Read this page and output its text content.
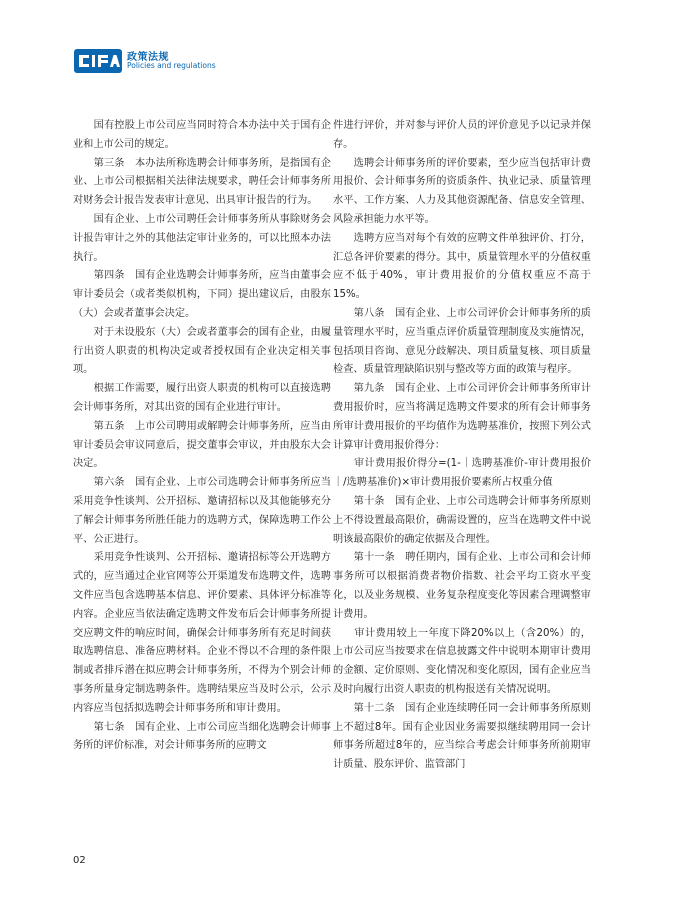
政策法规
Policies and regulations

　　国有控股上市公司应当同时符合本办法中关于国有企业和上市公司的规定。

　　第三条　本办法所称选聘会计师事务所，是指国有企业、上市公司根据相关法律法规要求，聘任会计师事务所对财务会计报告发表审计意见、出具审计报告的行为。

　　国有企业、上市公司聘任会计师事务所从事除财务会计报告审计之外的其他法定审计业务的，可以比照本办法执行。

　　第四条　国有企业选聘会计师事务所，应当由董事会审计委员会（或者类似机构，下同）提出建议后，由股东（大）会或者董事会决定。

　　对于未设股东（大）会或者董事会的国有企业，由履行出资人职责的机构决定或者授权国有企业决定相关事项。

　　根据工作需要，履行出资人职责的机构可以直接选聘会计师事务所，对其出资的国有企业进行审计。

　　第五条　上市公司聘用或解聘会计师事务所，应当由审计委员会审议同意后，提交董事会审议，并由股东大会决定。

　　第六条　国有企业、上市公司选聘会计师事务所应当采用竞争性谈判、公开招标、邀请招标以及其他能够充分了解会计师事务所胜任能力的选聘方式，保障选聘工作公平、公正进行。

　　采用竞争性谈判、公开招标、邀请招标等公开选聘方式的，应当通过企业官网等公开渠道发布选聘文件，选聘文件应当包含选聘基本信息、评价要素、具体评分标准等内容。企业应当依法确定选聘文件发布后会计师事务所提交应聘文件的响应时间，确保会计师事务所有充足时间获取选聘信息、准备应聘材料。企业不得以不合理的条件限制或者排斥潜在拟应聘会计师事务所，不得为个别会计师事务所量身定制选聘条件。选聘结果应当及时公示，公示内容应当包括拟选聘会计师事务所和审计费用。

　　第七条　国有企业、上市公司应当细化选聘会计师事务所的评价标准，对会计师事务所的应聘文

件进行评价，并对参与评价人员的评价意见予以记录并保存。

　　选聘会计师事务所的评价要素，至少应当包括审计费用报价、会计师事务所的资质条件、执业记录、质量管理水平、工作方案、人力及其他资源配备、信息安全管理、风险承担能力水平等。

　　选聘方应当对每个有效的应聘文件单独评价、打分，汇总各评价要素的得分。其中，质量管理水平的分值权重应不低于40%，审计费用报价的分值权重应不高于15%。

　　第八条　国有企业、上市公司评价会计师事务所的质量管理水平时，应当重点评价质量管理制度及实施情况，包括项目咨询、意见分歧解决、项目质量复核、项目质量检查、质量管理缺陷识别与整改等方面的政策与程序。

　　第九条　国有企业、上市公司评价会计师事务所审计费用报价时，应当将满足选聘文件要求的所有会计师事务所审计费用报价的平均值作为选聘基准价，按照下列公式计算审计费用报价得分：

　　审计费用报价得分=(1-｜选聘基准价-审计费用报价｜/选聘基准价)×审计费用报价要素所占权重分值

　　第十条　国有企业、上市公司选聘会计师事务所原则上不得设置最高限价，确需设置的，应当在选聘文件中说明该最高限价的确定依据及合理性。

　　第十一条　聘任期内，国有企业、上市公司和会计师事务所可以根据消费者物价指数、社会平均工资水平变化，以及业务规模、业务复杂程度变化等因素合理调整审计费用。

　　审计费用较上一年度下降20%以上（含20%）的，上市公司应当按要求在信息披露文件中说明本期审计费用的金额、定价原则、变化情况和变化原因，国有企业应当及时向履行出资人职责的机构报送有关情况说明。

　　第十二条　国有企业连续聘任同一会计师事务所原则上不超过8年。国有企业因业务需要拟继续聘用同一会计师事务所超过8年的，应当综合考虑会计师事务所前期审计质量、股东评价、监管部门

02
